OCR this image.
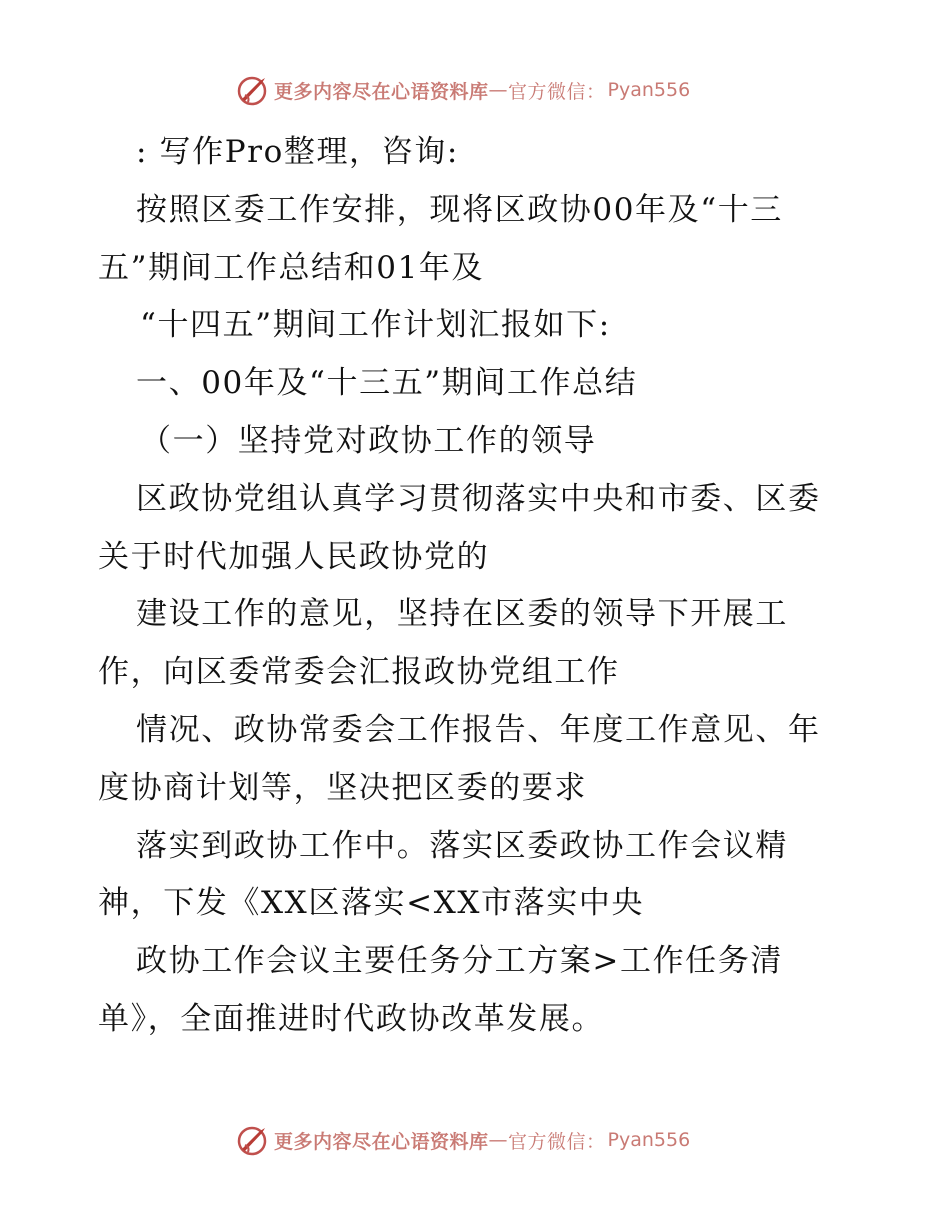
更多内容尽在心语资料库 — 官方微信： Pyan556
: 写作Pro整理，咨询:
按照区委工作安排，现将区政协00年及“十三
五”期间工作总结和01年及
“十四五”期间工作计划汇报如下:
一、00年及“十三五”期间工作总结
（一）坚持党对政协工作的领导
区政协党组认真学习贯彻落实中央和市委、区委
关于时代加强人民政协党的
建设工作的意见，坚持在区委的领导下开展工
作，向区委常委会汇报政协党组工作
情况、政协常委会工作报告、年度工作意见、年
度协商计划等，坚决把区委的要求
落实到政协工作中。落实区委政协工作会议精
神，下发《XX区落实<XX市落实中央
政协工作会议主要任务分工方案>工作任务清
单》，全面推进时代政协改革发展。
更多内容尽在心语资料库 — 官方微信： Pyan556
